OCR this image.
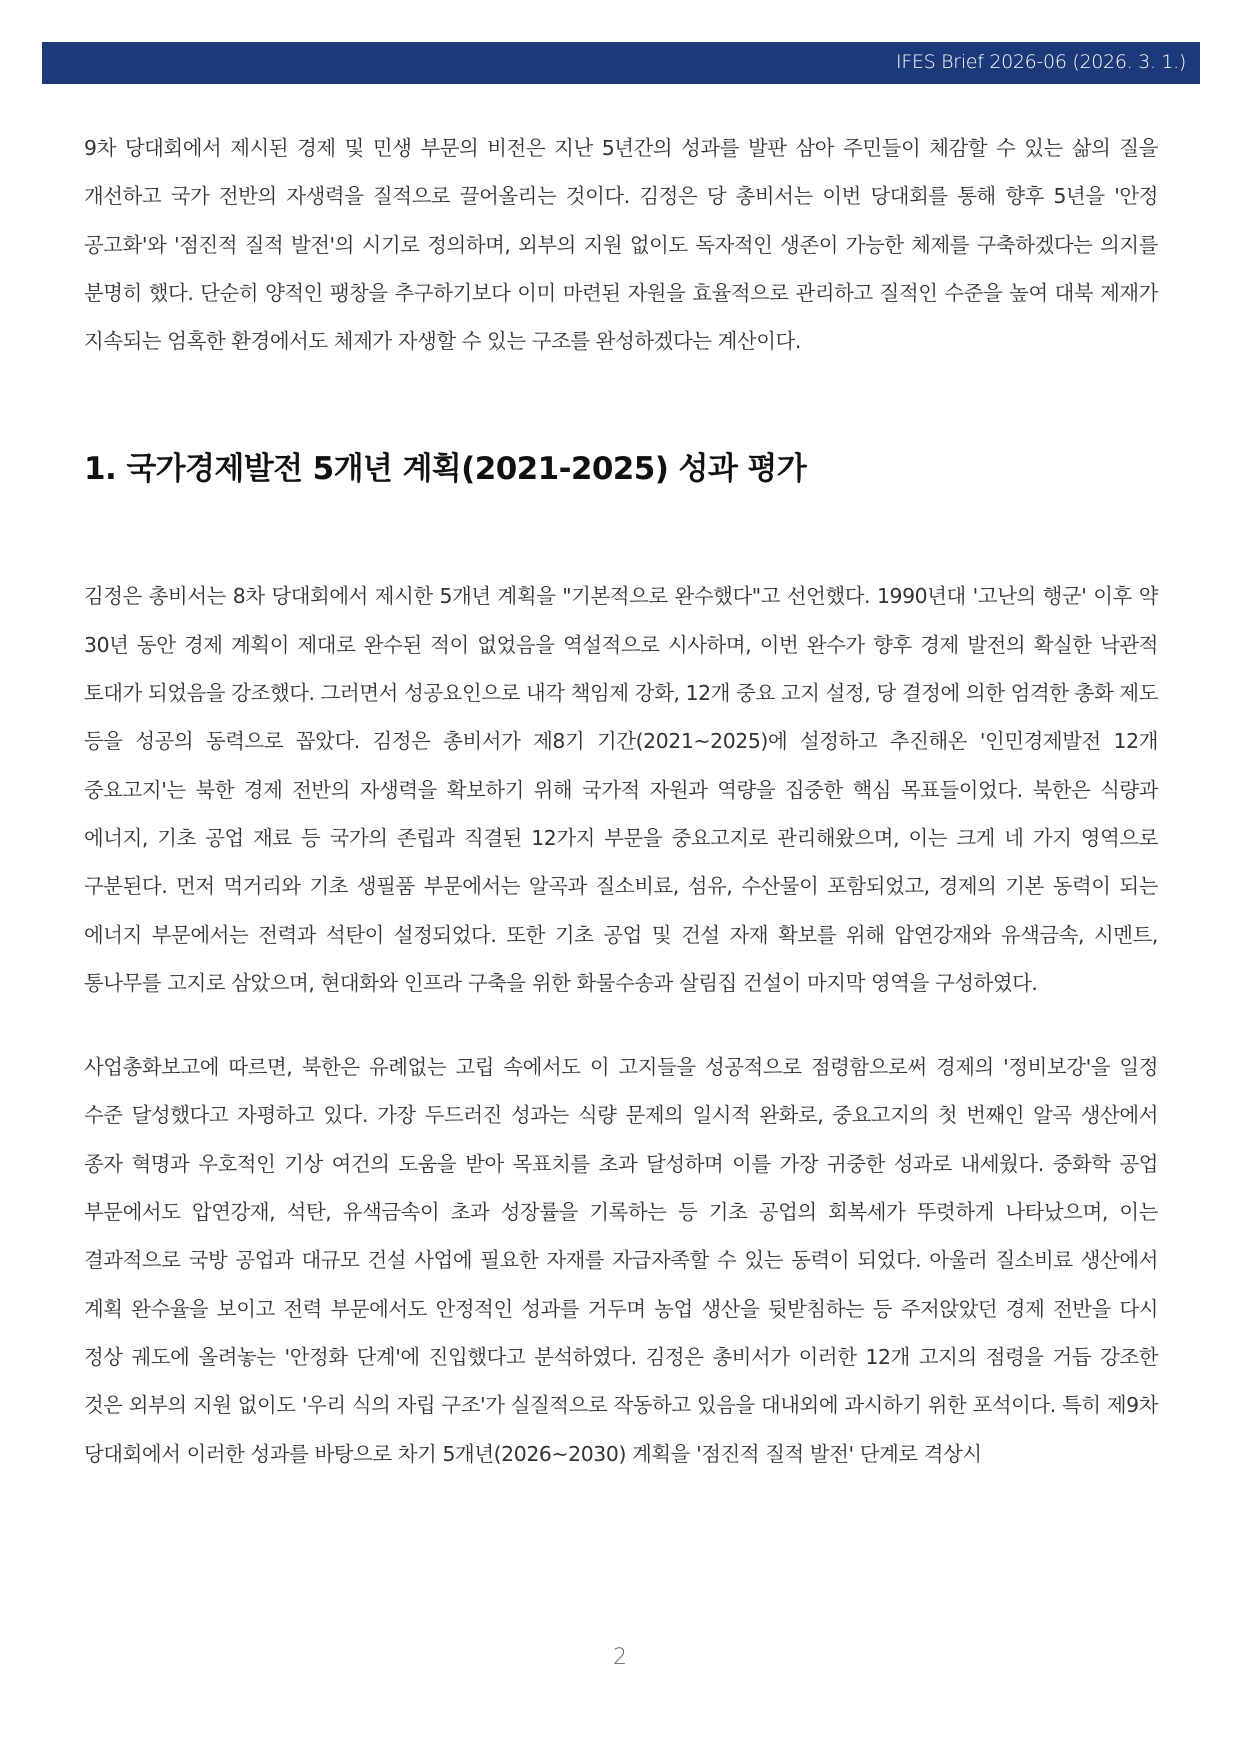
IFES Brief 2026-06 (2026. 3. 1.)

9차 당대회에서 제시된 경제 및 민생 부문의 비전은 지난 5년간의 성과를 발판 삼아 주민들이 체감할 수 있는 삶의 질을 개선하고 국가 전반의 자생력을 질적으로 끌어올리는 것이다. 김정은 당 총비서는 이번 당대회를 통해 향후 5년을 '안정 공고화'와 '점진적 질적 발전'의 시기로 정의하며, 외부의 지원 없이도 독자적인 생존이 가능한 체제를 구축하겠다는 의지를 분명히 했다. 단순히 양적인 팽창을 추구하기보다 이미 마련된 자원을 효율적으로 관리하고 질적인 수준을 높여 대북 제재가 지속되는 엄혹한 환경에서도 체제가 자생할 수 있는 구조를 완성하겠다는 계산이다.

1. 국가경제발전 5개년 계획(2021-2025) 성과 평가

김정은 총비서는 8차 당대회에서 제시한 5개년 계획을 "기본적으로 완수했다"고 선언했다. 1990년대 '고난의 행군' 이후 약 30년 동안 경제 계획이 제대로 완수된 적이 없었음을 역설적으로 시사하며, 이번 완수가 향후 경제 발전의 확실한 낙관적 토대가 되었음을 강조했다. 그러면서 성공요인으로 내각 책임제 강화, 12개 중요 고지 설정, 당 결정에 의한 엄격한 총화 제도 등을 성공의 동력으로 꼽았다. 김정은 총비서가 제8기 기간(2021~2025)에 설정하고 추진해온 '인민경제발전 12개 중요고지'는 북한 경제 전반의 자생력을 확보하기 위해 국가적 자원과 역량을 집중한 핵심 목표들이었다. 북한은 식량과 에너지, 기초 공업 재료 등 국가의 존립과 직결된 12가지 부문을 중요고지로 관리해왔으며, 이는 크게 네 가지 영역으로 구분된다. 먼저 먹거리와 기초 생필품 부문에서는 알곡과 질소비료, 섬유, 수산물이 포함되었고, 경제의 기본 동력이 되는 에너지 부문에서는 전력과 석탄이 설정되었다. 또한 기초 공업 및 건설 자재 확보를 위해 압연강재와 유색금속, 시멘트, 통나무를 고지로 삼았으며, 현대화와 인프라 구축을 위한 화물수송과 살림집 건설이 마지막 영역을 구성하였다.

사업총화보고에 따르면, 북한은 유례없는 고립 속에서도 이 고지들을 성공적으로 점령함으로써 경제의 '정비보강'을 일정 수준 달성했다고 자평하고 있다. 가장 두드러진 성과는 식량 문제의 일시적 완화로, 중요고지의 첫 번째인 알곡 생산에서 종자 혁명과 우호적인 기상 여건의 도움을 받아 목표치를 초과 달성하며 이를 가장 귀중한 성과로 내세웠다. 중화학 공업 부문에서도 압연강재, 석탄, 유색금속이 초과 성장률을 기록하는 등 기초 공업의 회복세가 뚜렷하게 나타났으며, 이는 결과적으로 국방 공업과 대규모 건설 사업에 필요한 자재를 자급자족할 수 있는 동력이 되었다. 아울러 질소비료 생산에서 계획 완수율을 보이고 전력 부문에서도 안정적인 성과를 거두며 농업 생산을 뒷받침하는 등 주저앉았던 경제 전반을 다시 정상 궤도에 올려놓는 '안정화 단계'에 진입했다고 분석하였다. 김정은 총비서가 이러한 12개 고지의 점령을 거듭 강조한 것은 외부의 지원 없이도 '우리 식의 자립 구조'가 실질적으로 작동하고 있음을 대내외에 과시하기 위한 포석이다. 특히 제9차 당대회에서 이러한 성과를 바탕으로 차기 5개년(2026~2030) 계획을 '점진적 질적 발전' 단계로 격상시

2
